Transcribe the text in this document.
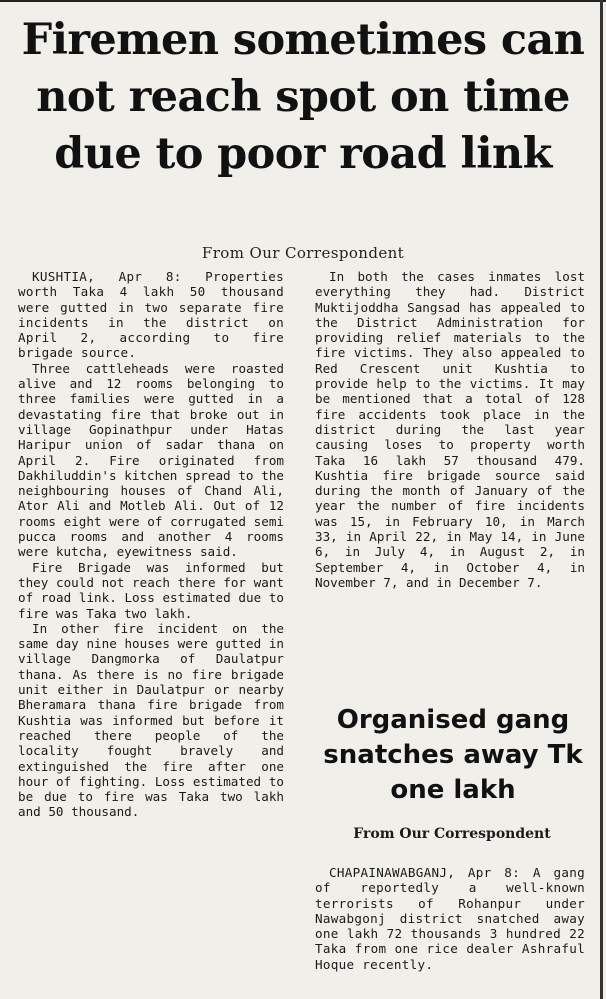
Firemen sometimes can not reach spot on time due to poor road link
From Our Correspondent

KUSHTIA, Apr 8: Properties worth Taka 4 lakh 50 thousand were gutted in two separate fire incidents in the district on April 2, according to fire brigade source.

Three cattleheads were roasted alive and 12 rooms belonging to three families were gutted in a devastating fire that broke out in village Gopinathpur under Hatas Haripur union of sadar thana on April 2. Fire originated from Dakhiluddin's kitchen spread to the neighbouring houses of Chand Ali, Ator Ali and Motleb Ali. Out of 12 rooms eight were of corrugated semi pucca rooms and another 4 rooms were kutcha, eyewitness said.

Fire Brigade was informed but they could not reach there for want of road link. Loss estimated due to fire was Taka two lakh.

In other fire incident on the same day nine houses were gutted in village Dangmorka of Daulatpur thana. As there is no fire brigade unit either in Daulatpur or nearby Bheramara thana fire brigade from Kushtia was informed but before it reached there people of the locality fought bravely and extinguished the fire after one hour of fighting. Loss estimated to be due to fire was Taka two lakh and 50 thousand.

In both the cases inmates lost everything they had. District Muktijoddha Sangsad has appealed to the District Administration for providing relief materials to the fire victims. They also appealed to Red Crescent unit Kushtia to provide help to the victims. It may be mentioned that a total of 128 fire accidents took place in the district during the last year causing loses to property worth Taka 16 lakh 57 thousand 479. Kushtia fire brigade source said during the month of January of the year the number of fire incidents was 15, in February 10, in March 33, in April 22, in May 14, in June 6, in July 4, in August 2, in September 4, in October 4, in November 7, and in December 7.

Organised gang snatches away Tk one lakh
From Our Correspondent

CHAPAINAWABGANJ, Apr 8: A gang of reportedly a well-known terrorists of Rohanpur under Nawabgonj district snatched away one lakh 72 thousands 3 hundred 22 Taka from one rice dealer Ashraful Hoque recently.
